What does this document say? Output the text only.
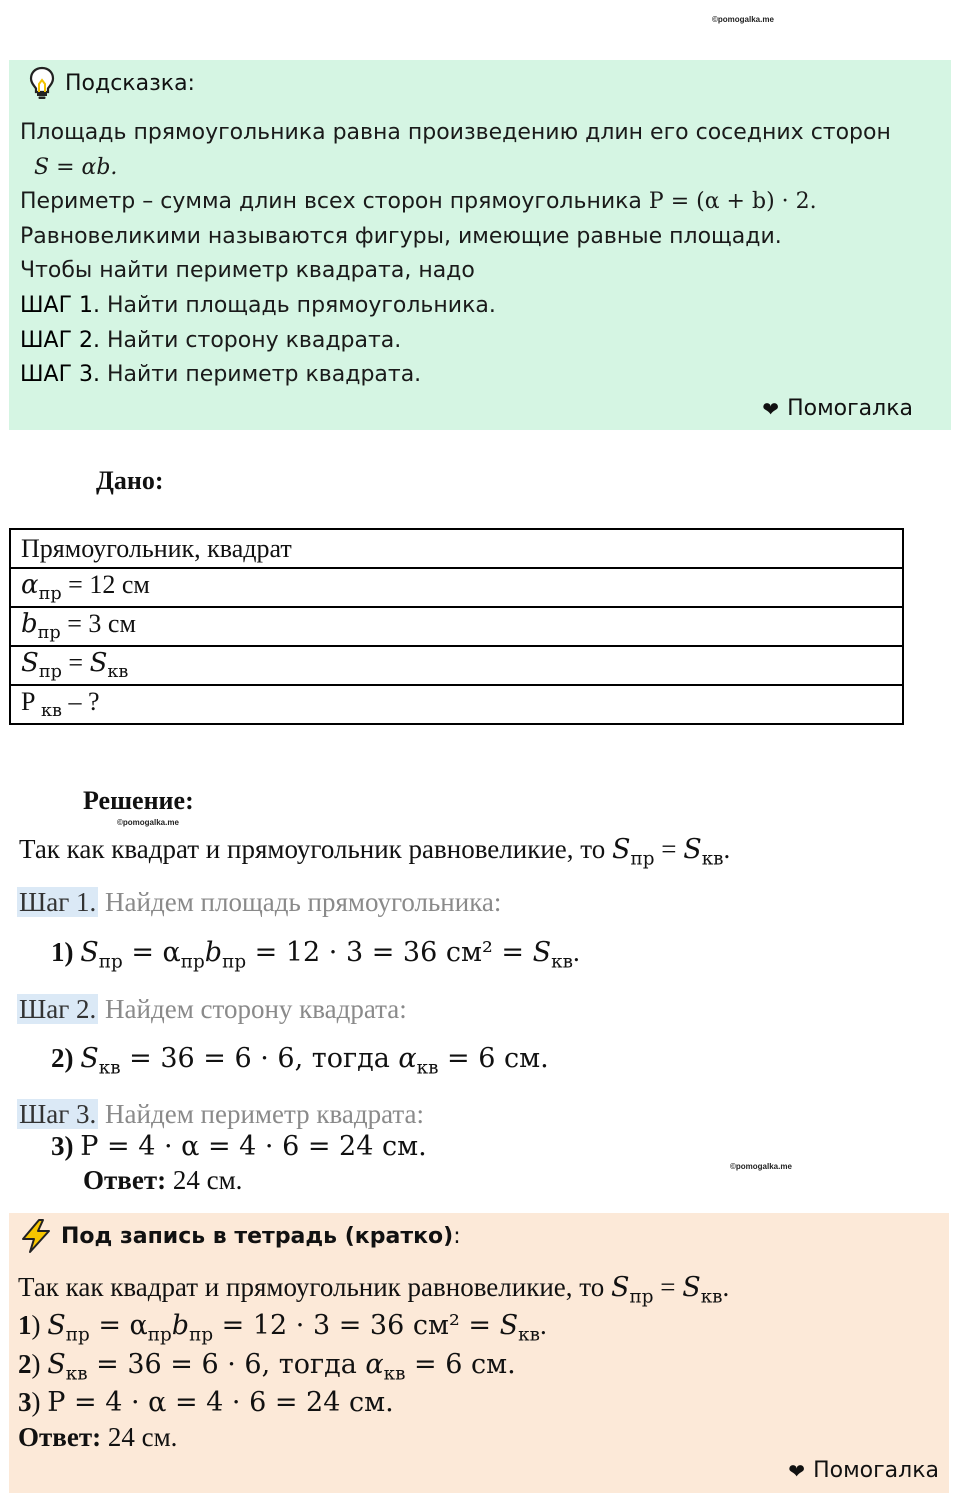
©pomogalka.me
©pomogalka.me
©pomogalka.me
Подсказка:
Площадь прямоугольника равна произведению длин его соседних сторон
S = αb.
Периметр – сумма длин всех сторон прямоугольника P = (α + b) · 2.
Равновеликими называются фигуры, имеющие равные площади.
Чтобы найти периметр квадрата, надо
ШАГ 1. Найти площадь прямоугольника.
ШАГ 2. Найти сторону квадрата.
ШАГ 3. Найти периметр квадрата.
❤ Помогалка
Дано:
Прямоугольник, квадрат
$\alpha_{пр} = 12$ см
$b_{пр} = 3$ см
$S_{пр} = S_{кв}$
P $_{кв}$ – ?
Решение:
Так как квадрат и прямоугольник равновеликие, то $S_{пр} = S_{кв}$.
Шаг 1. Найдем площадь прямоугольника:
1) $S_{пр} = \alpha_{пр}b_{пр} = 12 \cdot 3 = 36$ $см^2 = S_{кв}$.
Шаг 2. Найдем сторону квадрата:
2) $S_{кв} = 36 = 6 \cdot 6$, тогда $\alpha_{кв} = 6$ см.
Шаг 3. Найдем периметр квадрата:
3) P = 4 · α = 4 · 6 = 24 см.
Ответ: 24 см.
Под запись в тетрадь (кратко) :
Так как квадрат и прямоугольник равновеликие, то $S_{пр} = S_{кв}$.
1) $S_{пр} = \alpha_{пр}b_{пр} = 12 \cdot 3 = 36$ $см^2 = S_{кв}$.
2) $S_{кв} = 36 = 6 \cdot 6$, тогда $\alpha_{кв} = 6$ см.
3) P = 4 · α = 4 · 6 = 24 см.
Ответ: 24 см.
❤ Помогалка
